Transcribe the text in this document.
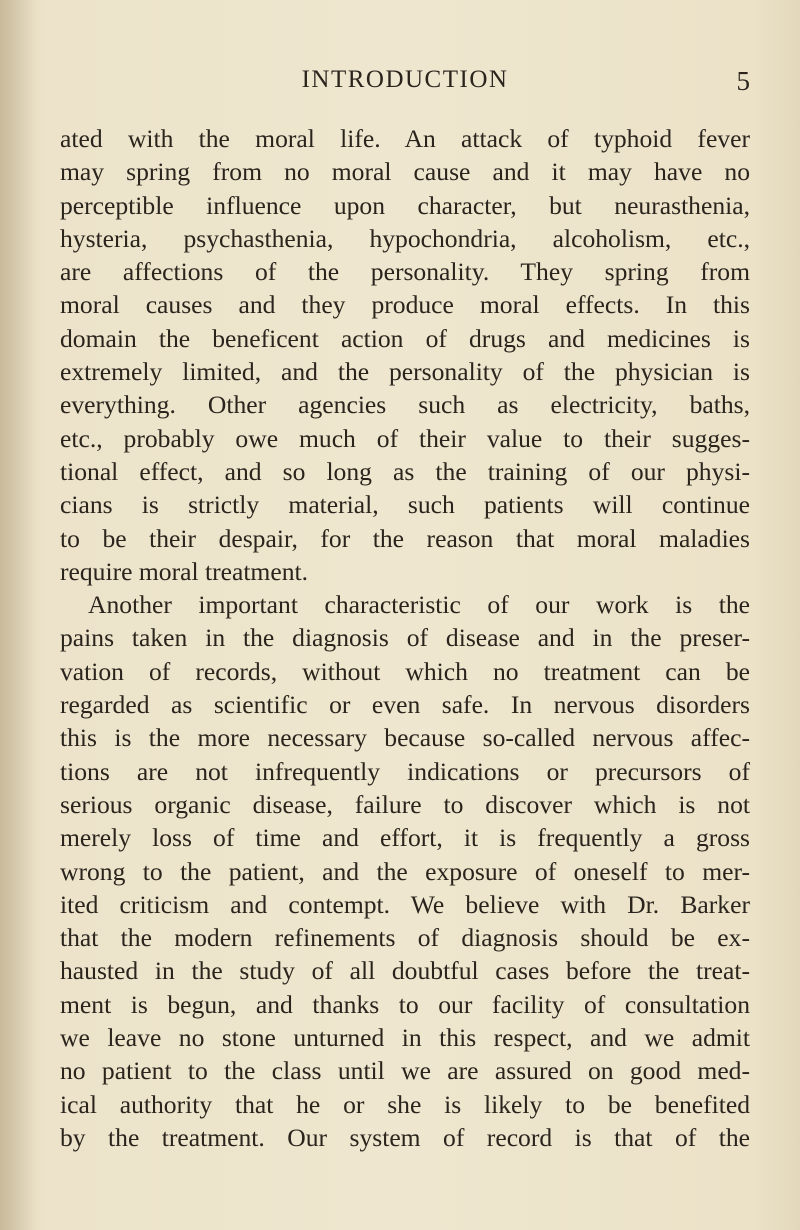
INTRODUCTION	5
ated with the moral life. An attack of typhoid fever
may spring from no moral cause and it may have no
perceptible influence upon character, but neurasthenia,
hysteria, psychasthenia, hypochondria, alcoholism, etc.,
are affections of the personality. They spring from
moral causes and they produce moral effects. In this
domain the beneficent action of drugs and medicines is
extremely limited, and the personality of the physician is
everything. Other agencies such as electricity, baths,
etc., probably owe much of their value to their sugges-
tional effect, and so long as the training of our physi-
cians is strictly material, such patients will continue
to be their despair, for the reason that moral maladies
require moral treatment.
Another important characteristic of our work is the
pains taken in the diagnosis of disease and in the preser-
vation of records, without which no treatment can be
regarded as scientific or even safe. In nervous disorders
this is the more necessary because so-called nervous affec-
tions are not infrequently indications or precursors of
serious organic disease, failure to discover which is not
merely loss of time and effort, it is frequently a gross
wrong to the patient, and the exposure of oneself to mer-
ited criticism and contempt. We believe with Dr. Barker
that the modern refinements of diagnosis should be ex-
hausted in the study of all doubtful cases before the treat-
ment is begun, and thanks to our facility of consultation
we leave no stone unturned in this respect, and we admit
no patient to the class until we are assured on good med-
ical authority that he or she is likely to be benefited
by the treatment. Our system of record is that of the
